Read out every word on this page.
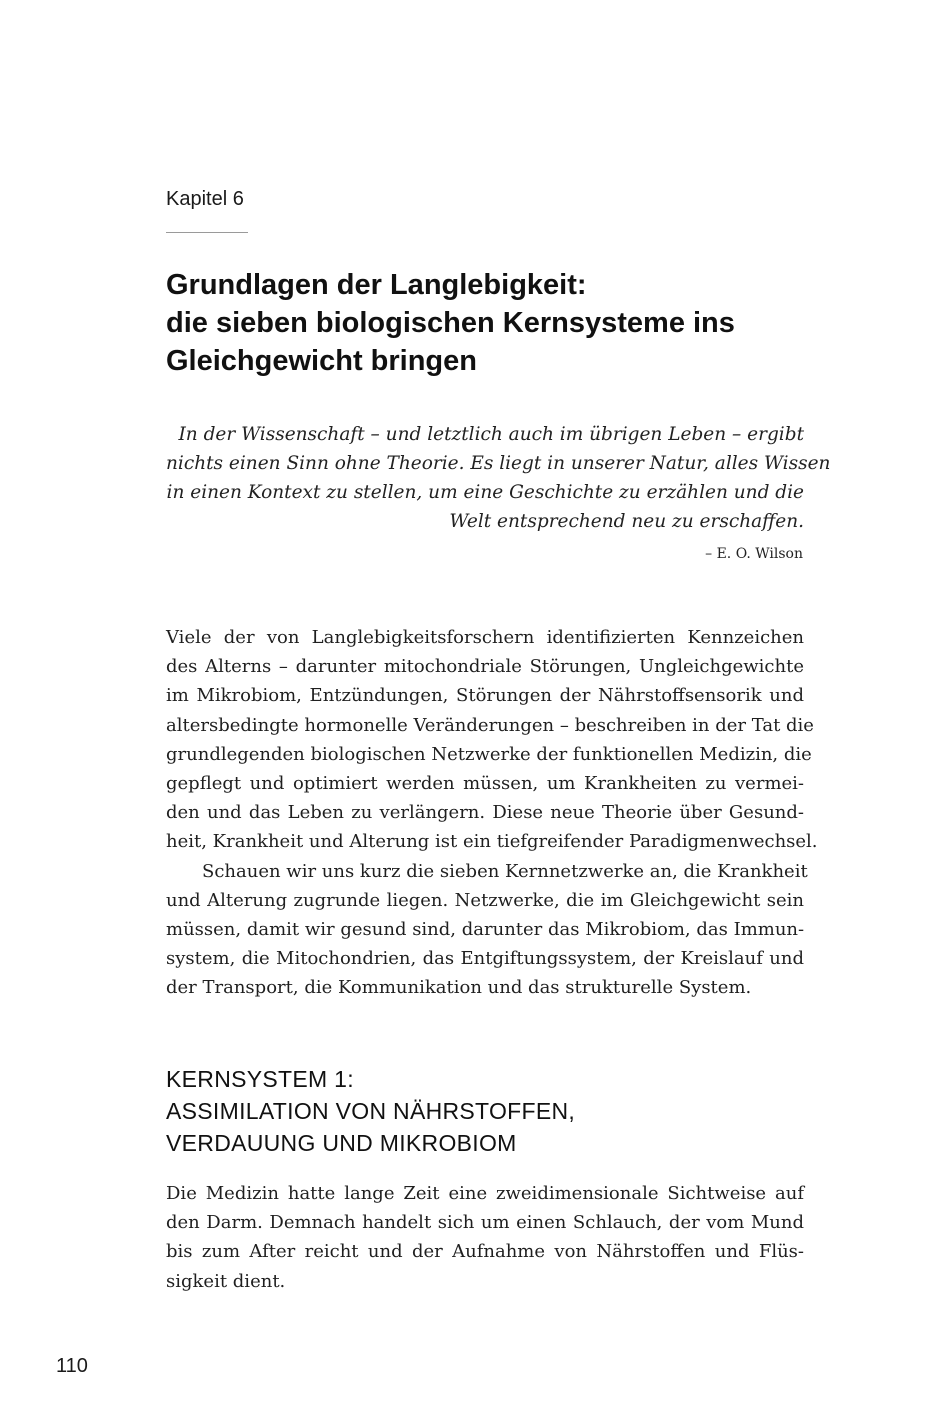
Kapitel 6
Grundlagen der Langlebigkeit:
die sieben biologischen Kernsysteme ins
Gleichgewicht bringen
In der Wissenschaft – und letztlich auch im übrigen Leben – ergibt
nichts einen Sinn ohne Theorie. Es liegt in unserer Natur, alles Wissen
in einen Kontext zu stellen, um eine Geschichte zu erzählen und die
Welt entsprechend neu zu erschaffen.
– E. O. Wilson
Viele der von Langlebigkeitsforschern identifizierten Kennzeichen
des Alterns – darunter mitochondriale Störungen, Ungleichgewichte
im Mikrobiom, Entzündungen, Störungen der Nährstoffsensorik und
altersbedingte hormonelle Veränderungen – beschreiben in der Tat die
grundlegenden biologischen Netzwerke der funktionellen Medizin, die
gepflegt und optimiert werden müssen, um Krankheiten zu vermei-
den und das Leben zu verlängern. Diese neue Theorie über Gesund-
heit, Krankheit und Alterung ist ein tiefgreifender Paradigmenwechsel.
Schauen wir uns kurz die sieben Kernnetzwerke an, die Krankheit
und Alterung zugrunde liegen. Netzwerke, die im Gleichgewicht sein
müssen, damit wir gesund sind, darunter das Mikrobiom, das Immun-
system, die Mitochondrien, das Entgiftungssystem, der Kreislauf und
der Transport, die Kommunikation und das strukturelle System.
KERNSYSTEM 1:
ASSIMILATION VON NÄHRSTOFFEN,
VERDAUUNG UND MIKROBIOM
Die Medizin hatte lange Zeit eine zweidimensionale Sichtweise auf
den Darm. Demnach handelt sich um einen Schlauch, der vom Mund
bis zum After reicht und der Aufnahme von Nährstoffen und Flüs-
sigkeit dient.
110
